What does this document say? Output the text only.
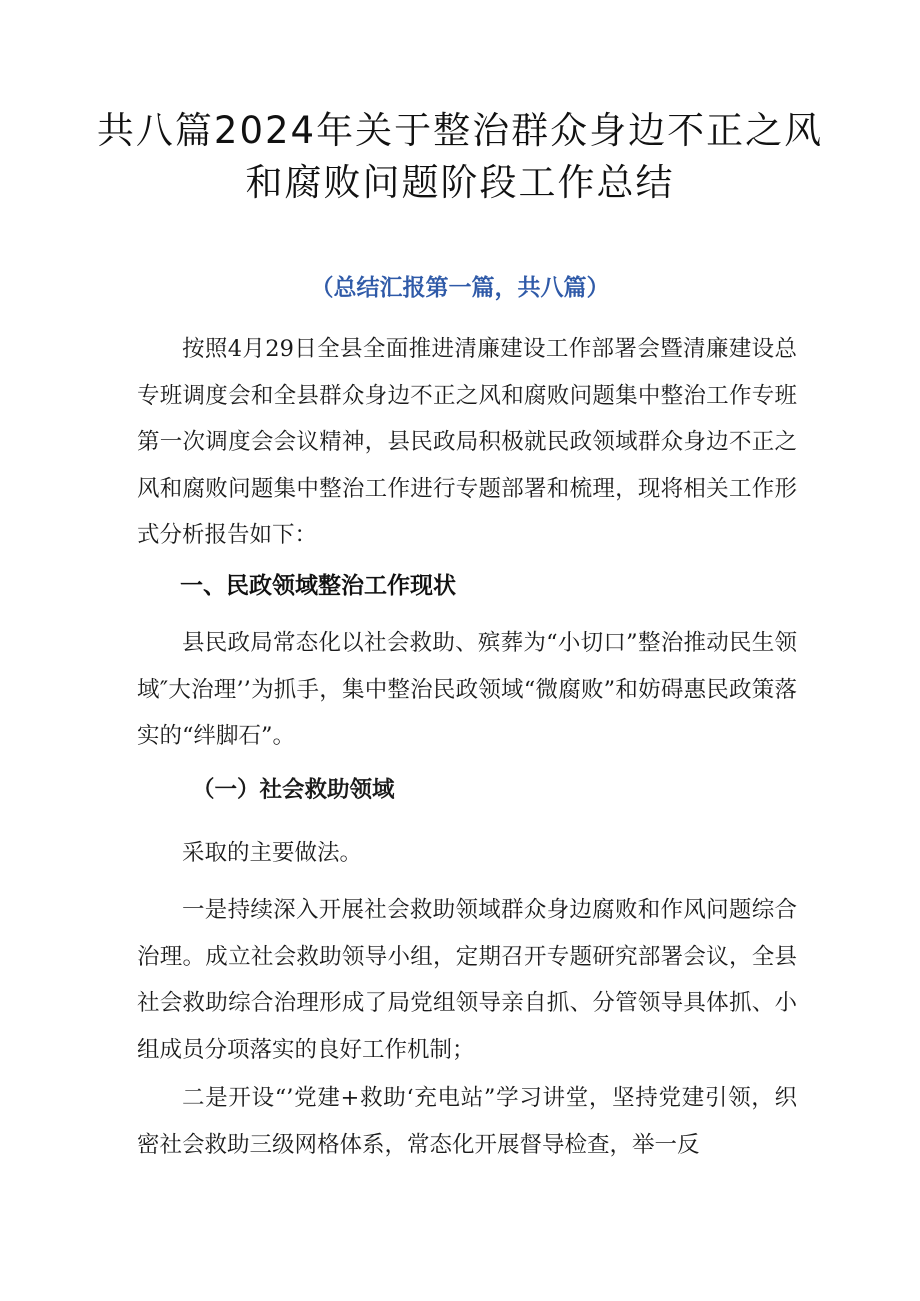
共八篇2024年关于整治群众身边不正之风
和腐败问题阶段工作总结
（总结汇报第一篇，共八篇）

按照4月29日全县全面推进清廉建设工作部署会暨清廉建设总专班调度会和全县群众身边不正之风和腐败问题集中整治工作专班第一次调度会会议精神，县民政局积极就民政领域群众身边不正之风和腐败问题集中整治工作进行专题部署和梳理，现将相关工作形式分析报告如下：

一、民政领域整治工作现状

县民政局常态化以社会救助、殡葬为“小切口”整治推动民生领域″大治理’’为抓手，集中整治民政领域“微腐败”和妨碍惠民政策落实的“绊脚石”。

（一）社会救助领域

采取的主要做法。

一是持续深入开展社会救助领域群众身边腐败和作风问题综合治理。成立社会救助领导小组，定期召开专题研究部署会议，全县社会救助综合治理形成了局党组领导亲自抓、分管领导具体抓、小组成员分项落实的良好工作机制；

二是开设“’党建+救助‘充电站”学习讲堂，坚持党建引领，织密社会救助三级网格体系，常态化开展督导检查，举一反
